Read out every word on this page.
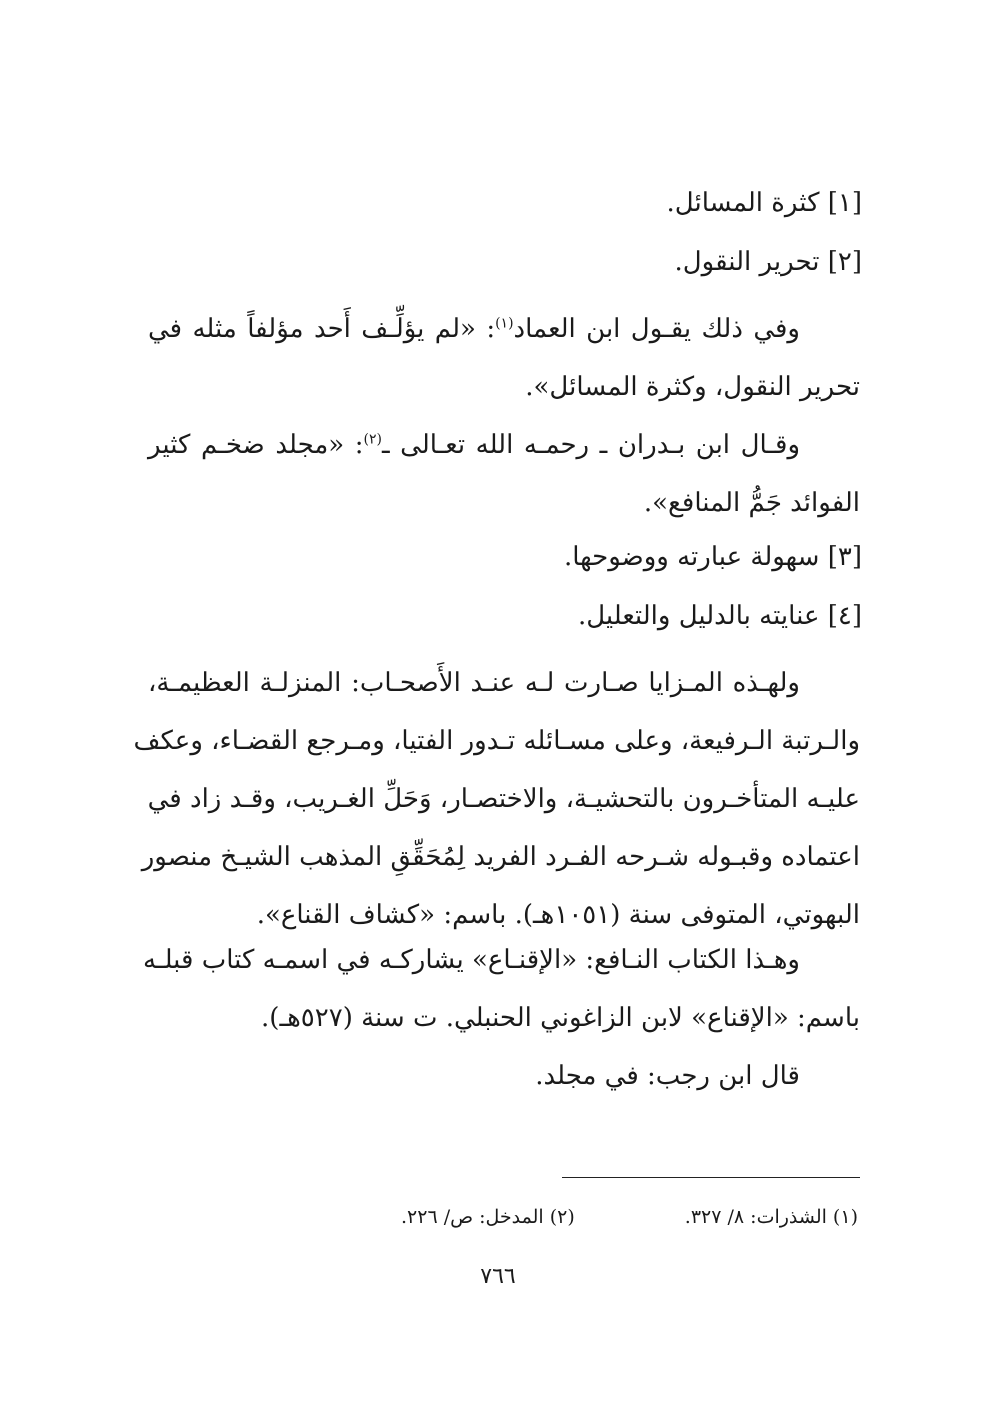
[١] كثرة المسائل.
[٢] تحرير النقول.
وفي ذلك يقـول ابن العماد$^{(١)}$: «لم يؤلِّـف أَحد مؤلفاً مثله في
تحرير النقول، وكثرة المسائل».
وقـال ابن بـدران ـ رحمـه الله تعـالى ـ$^{(٢)}$: «مجلد ضخـم كثير
الفوائد جَمُّ المنافع».
[٣] سهولة عبارته ووضوحها.
[٤] عنايته بالدليل والتعليل.
ولهـذه المـزايا صـارت لـه عنـد الأَصحـاب: المنزلـة العظيمـة،
والـرتبة الـرفيعة، وعلى مسـائله تـدور الفتيا، ومـرجع القضـاء، وعكف
عليـه المتأخـرون بالتحشيـة، والاختصـار، وَحَلِّ الغـريب، وقـد زاد في
اعتماده وقبـوله شـرحه الفـرد الفريد لِمُحَقِّقِ المذهب الشيـخ منصور
البهوتي، المتوفى سنة (١٠٥١هـ). باسم: «كشاف القناع».
وهـذا الكتاب النـافع: «الإقنـاع» يشاركـه في اسمـه كتاب قبلـه
باسم: «الإقناع» لابن الزاغوني الحنبلي. ت سنة (٥٢٧هـ).
قال ابن رجب: في مجلد.
(١) الشذرات: ٨/ ٣٢٧.(٢) المدخل: ص/ ٢٢٦.
٧٦٦
